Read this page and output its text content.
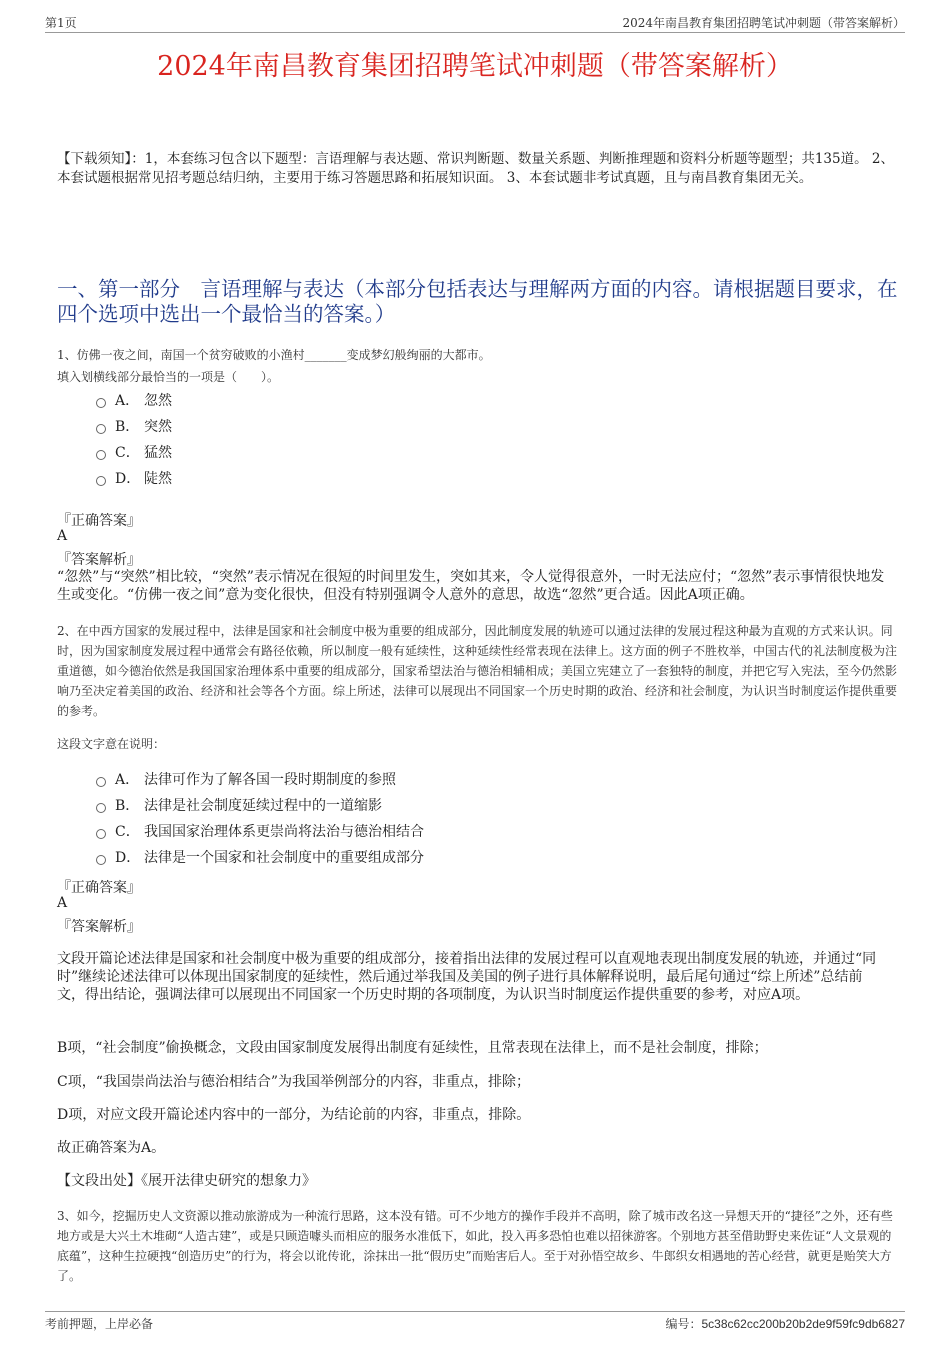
第1页	2024年南昌教育集团招聘笔试冲刺题（带答案解析）
2024年南昌教育集团招聘笔试冲刺题（带答案解析）
【下载须知】：1，本套练习包含以下题型：言语理解与表达题、常识判断题、数量关系题、判断推理题和资料分析题等题型；共135道。 2、本套试题根据常见招考题总结归纳，主要用于练习答题思路和拓展知识面。 3、本套试题非考试真题，且与南昌教育集团无关。
一、第一部分　言语理解与表达（本部分包括表达与理解两方面的内容。请根据题目要求，在四个选项中选出一个最恰当的答案。）
1、仿佛一夜之间，南国一个贫穷破败的小渔村_______变成梦幻般绚丽的大都市。
填入划横线部分最恰当的一项是（　　）。
A． 忽然
B． 突然
C． 猛然
D． 陡然
『正确答案』
A
『答案解析』
“忽然”与“突然”相比较，“突然”表示情况在很短的时间里发生，突如其来，令人觉得很意外，一时无法应付；“忽然”表示事情很快地发生或变化。“仿佛一夜之间”意为变化很快，但没有特别强调令人意外的意思，故选“忽然”更合适。因此A项正确。
2、在中西方国家的发展过程中，法律是国家和社会制度中极为重要的组成部分，因此制度发展的轨迹可以通过法律的发展过程这种最为直观的方式来认识。同时，因为国家制度发展过程中通常会有路径依赖，所以制度一般有延续性，这种延续性经常表现在法律上。这方面的例子不胜枚举，中国古代的礼法制度极为注重道德，如今德治依然是我国国家治理体系中重要的组成部分，国家希望法治与德治相辅相成；美国立宪建立了一套独特的制度，并把它写入宪法，至今仍然影响乃至决定着美国的政治、经济和社会等各个方面。综上所述，法律可以展现出不同国家一个历史时期的政治、经济和社会制度，为认识当时制度运作提供重要的参考。
这段文字意在说明：
A． 法律可作为了解各国一段时期制度的参照
B． 法律是社会制度延续过程中的一道缩影
C． 我国国家治理体系更崇尚将法治与德治相结合
D． 法律是一个国家和社会制度中的重要组成部分
『正确答案』
A
『答案解析』
文段开篇论述法律是国家和社会制度中极为重要的组成部分，接着指出法律的发展过程可以直观地表现出制度发展的轨迹，并通过“同时”继续论述法律可以体现出国家制度的延续性，然后通过举我国及美国的例子进行具体解释说明，最后尾句通过“综上所述”总结前文，得出结论，强调法律可以展现出不同国家一个历史时期的各项制度，为认识当时制度运作提供重要的参考，对应A项。
B项，“社会制度”偷换概念，文段由国家制度发展得出制度有延续性，且常表现在法律上，而不是社会制度，排除；
C项，“我国崇尚法治与德治相结合”为我国举例部分的内容，非重点，排除；
D项，对应文段开篇论述内容中的一部分，为结论前的内容，非重点，排除。
故正确答案为A。
【文段出处】《展开法律史研究的想象力》
3、如今，挖掘历史人文资源以推动旅游成为一种流行思路，这本没有错。可不少地方的操作手段并不高明，除了城市改名这一异想天开的“捷径”之外，还有些地方或是大兴土木堆砌“人造古建”，或是只顾造噱头而相应的服务水准低下，如此，投入再多恐怕也难以招徕游客。个别地方甚至借助野史来佐证“人文景观的底蕴”，这种生拉硬拽“创造历史”的行为，将会以讹传讹，涂抹出一批“假历史”而贻害后人。至于对孙悟空故乡、牛郎织女相遇地的苦心经营，就更是贻笑大方了。
考前押题，上岸必备	编号：5c38c62cc200b20b2de9f59fc9db6827
